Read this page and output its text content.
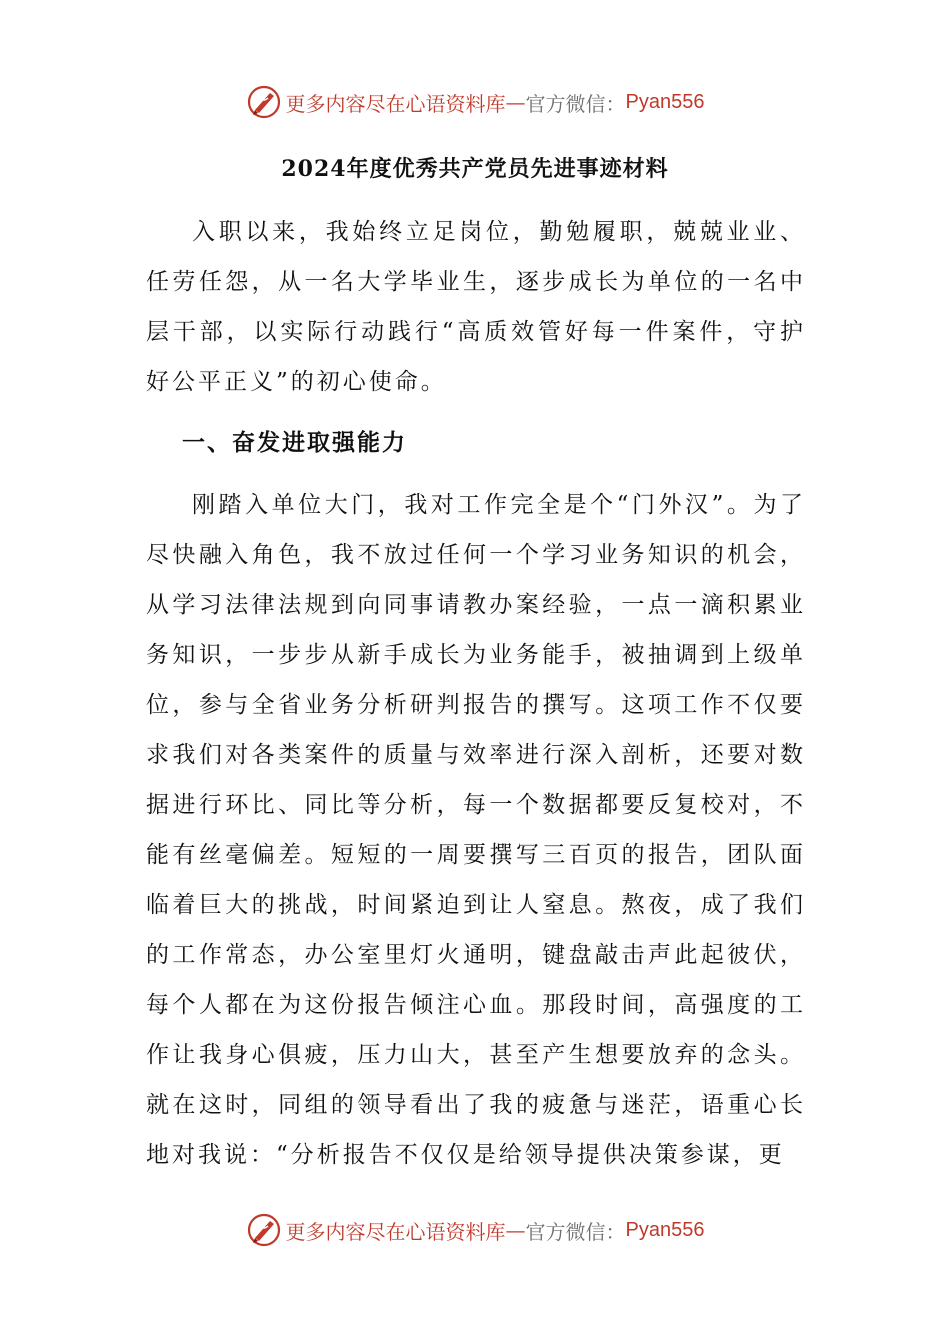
更多内容尽在心语资料库 — 官方微信： Pyan556
2024年度优秀共产党员先进事迹材料

入职以来，我始终立足岗位，勤勉履职，兢兢业业、任劳任怨，从一名大学毕业生，逐步成长为单位的一名中层干部，以实际行动践行“高质效管好每一件案件，守护好公平正义”的初心使命。

一、奋发进取强能力

刚踏入单位大门，我对工作完全是个“门外汉”。为了尽快融入角色，我不放过任何一个学习业务知识的机会，从学习法律法规到向同事请教办案经验，一点一滴积累业务知识，一步步从新手成长为业务能手，被抽调到上级单位，参与全省业务分析研判报告的撰写。这项工作不仅要求我们对各类案件的质量与效率进行深入剖析，还要对数据进行环比、同比等分析，每一个数据都要反复校对，不能有丝毫偏差。短短的一周要撰写三百页的报告，团队面临着巨大的挑战，时间紧迫到让人窒息。熬夜，成了我们的工作常态，办公室里灯火通明，键盘敲击声此起彼伏，每个人都在为这份报告倾注心血。那段时间，高强度的工作让我身心俱疲，压力山大，甚至产生想要放弃的念头。就在这时，同组的领导看出了我的疲惫与迷茫，语重心长地对我说：“分析报告不仅仅是给领导提供决策参谋，更

更多内容尽在心语资料库 — 官方微信： Pyan556
